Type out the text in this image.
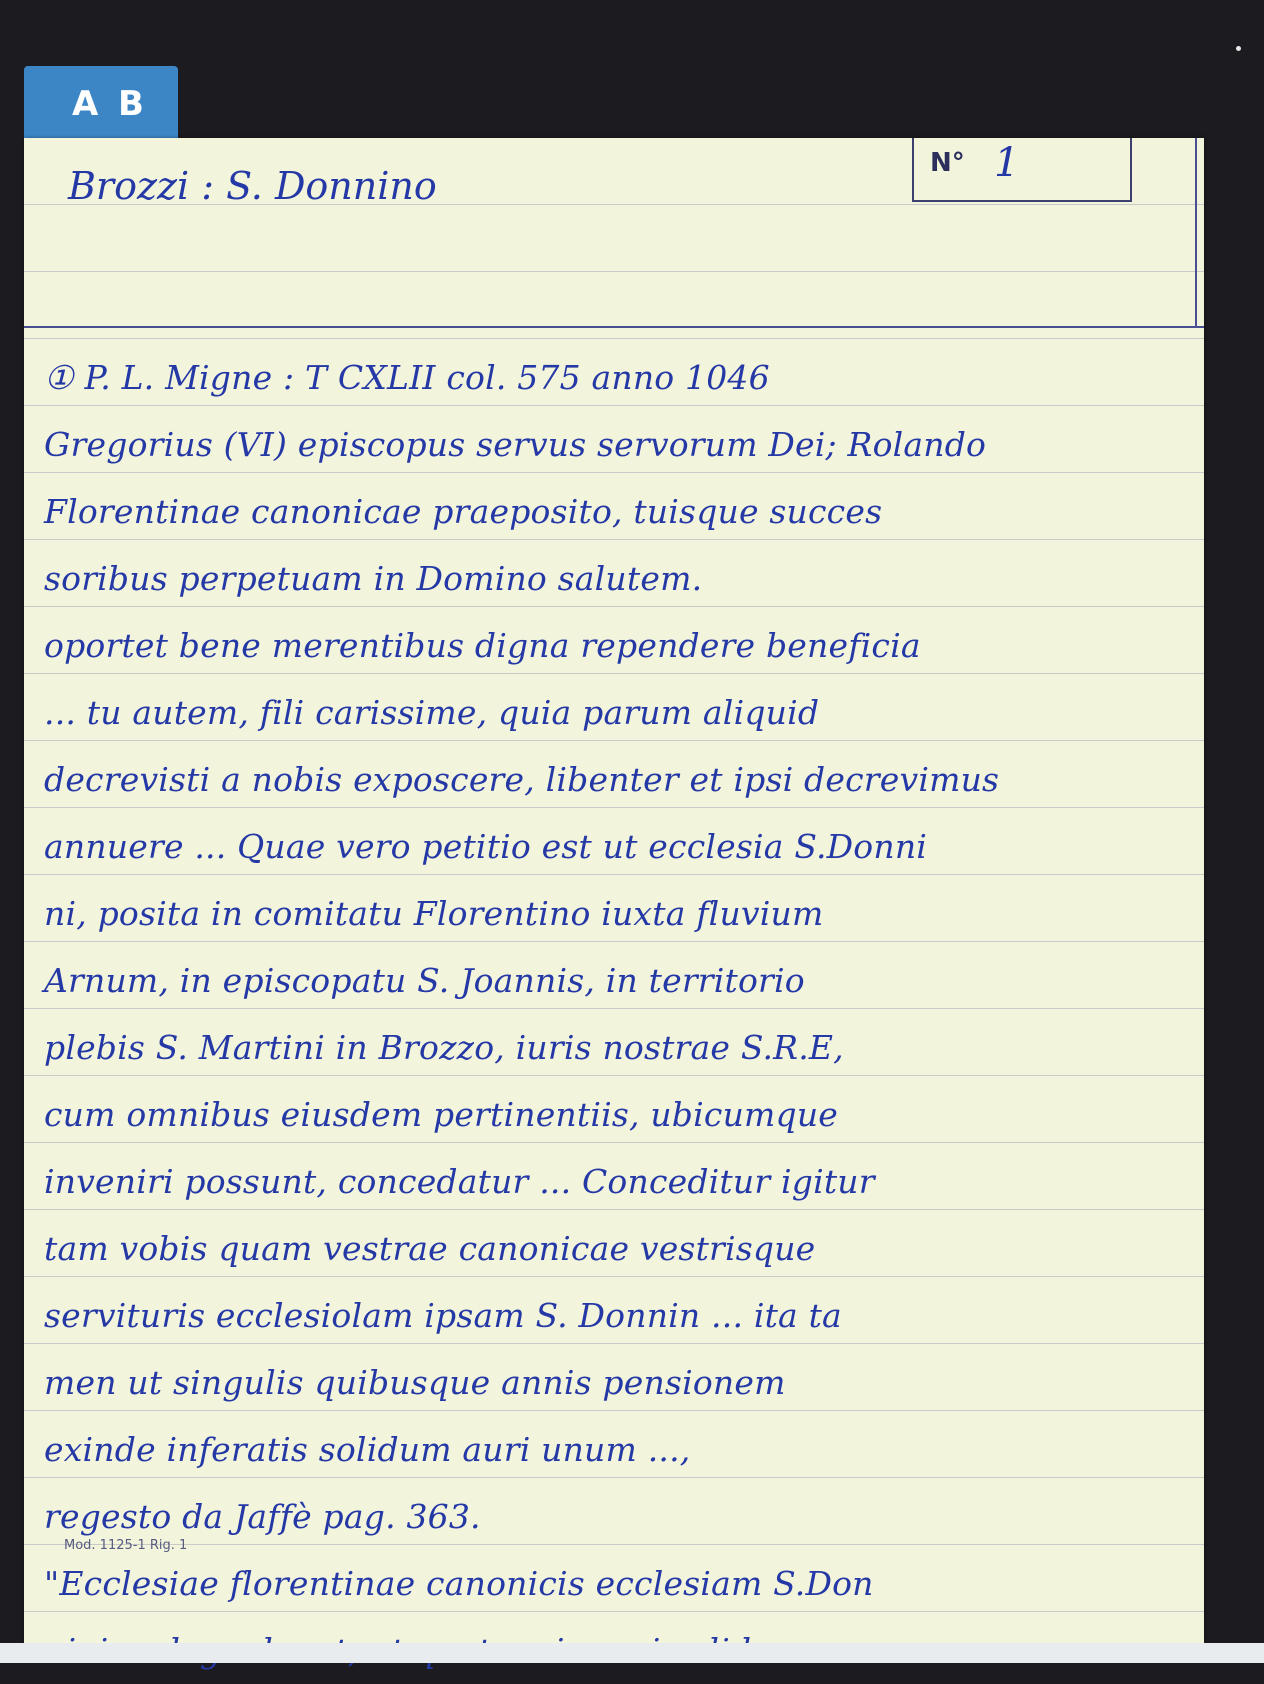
A B
N° 1
Brozzi : S. Donnino
① P. L. Migne : T CXLII col. 575 anno 1046
Gregorius (VI) episcopus servus servorum Dei; Rolando
Florentinae canonicae praeposito, tuisque succes
soribus perpetuam in Domino salutem.
oportet bene merentibus digna rependere beneficia
... tu autem, fili carissime, quia parum aliquid
decrevisti a nobis exposcere, libenter et ipsi decrevimus
annuere ... Quae vero petitio est ut ecclesia S.Donni
ni, posita in comitatu Florentino iuxta fluvium
Arnum, in episcopatu S. Joannis, in territorio
plebis S. Martini in Brozzo, iuris nostrae S.R.E,
cum omnibus eiusdem pertinentiis, ubicumque
inveniri possunt, concedatur ... Conceditur igitur
tam vobis quam vestrae canonicae vestrisque
servituris ecclesiolam ipsam S. Donnin ... ita ta
men ut singulis quibusque annis pensionem
exinde inferatis solidum auri unum ...,
regesto da Jaffè pag. 363.
"Ecclesiae florentinae canonicis ecclesiam S.Don
Mod. 1125-1 Rig. 1
